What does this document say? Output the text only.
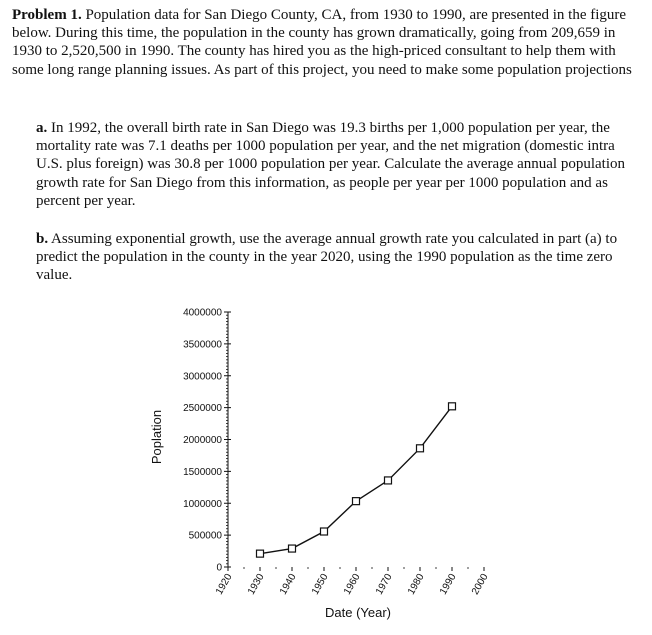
Problem 1. Population data for San Diego County, CA, from 1930 to 1990, are presented in the figure below. During this time, the population in the county has grown dramatically, going from 209,659 in 1930 to 2,520,500 in 1990. The county has hired you as the high-priced consultant to help them with some long range planning issues. As part of this project, you need to make some population projections

a. In 1992, the overall birth rate in San Diego was 19.3 births per 1,000 population per year, the mortality rate was 7.1 deaths per 1000 population per year, and the net migration (domestic intra U.S. plus foreign) was 30.8 per 1000 population per year. Calculate the average annual population growth rate for San Diego from this information, as people per year per 1000 population and as percent per year.

b. Assuming exponential growth, use the average annual growth rate you calculated in part (a) to predict the population in the county in the year 2020, using the 1990 population as the time zero value.

0
500000
1000000
1500000
2000000
2500000
3000000
3500000
4000000
1920 1930 1940 1950 1960 1970 1980 1990 2000
Poplation
Date (Year)
